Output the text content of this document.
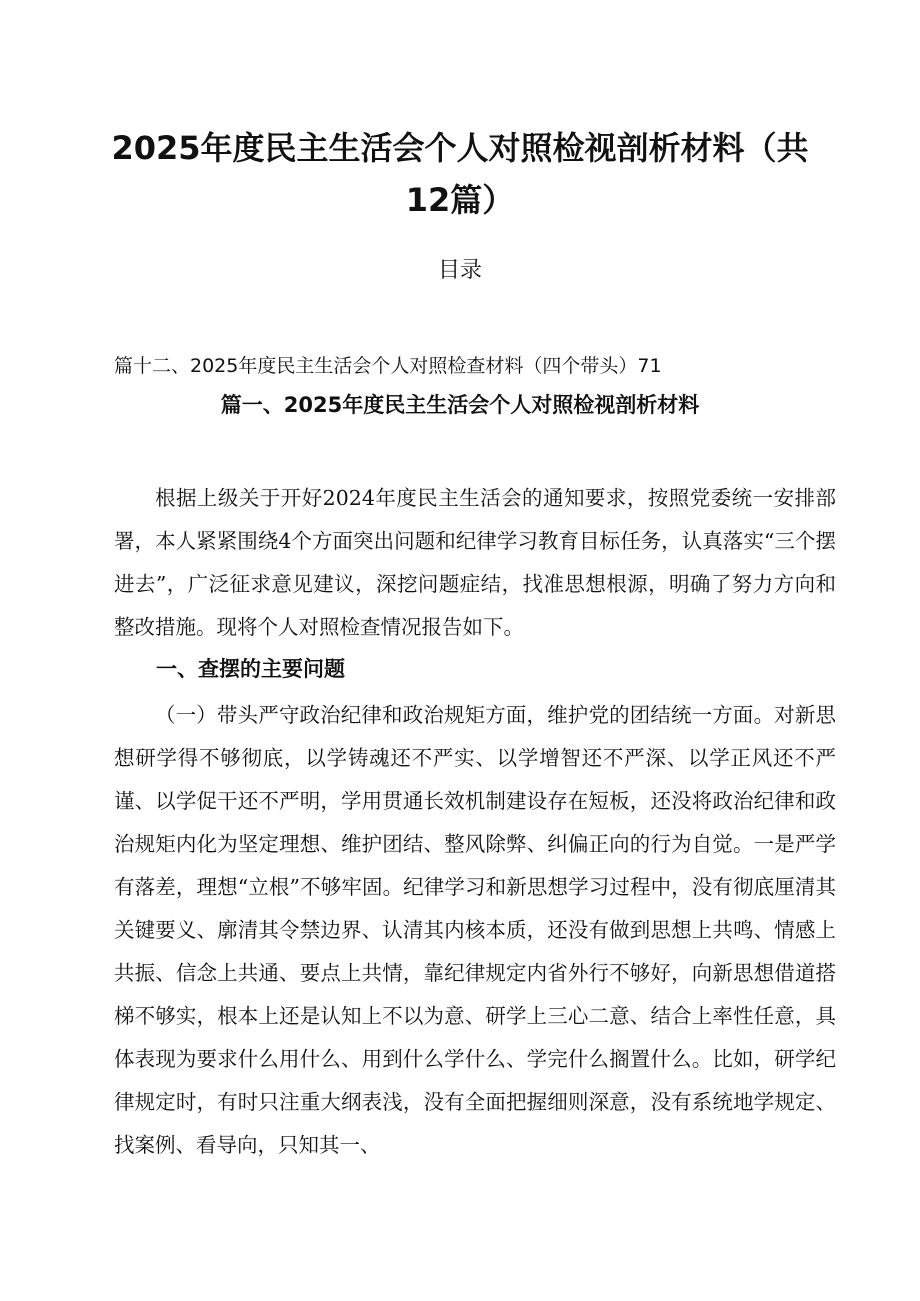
2025年度民主生活会个人对照检视剖析材料（共12篇）
目录
篇十二、2025年度民主生活会个人对照检查材料（四个带头）71
篇一、2025年度民主生活会个人对照检视剖析材料

根据上级关于开好2024年度民主生活会的通知要求，按照党委统一安排部署，本人紧紧围绕4个方面突出问题和纪律学习教育目标任务，认真落实“三个摆进去”，广泛征求意见建议，深挖问题症结，找准思想根源，明确了努力方向和整改措施。现将个人对照检查情况报告如下。

一、查摆的主要问题

（一）带头严守政治纪律和政治规矩方面，维护党的团结统一方面。对新思想研学得不够彻底，以学铸魂还不严实、以学增智还不严深、以学正风还不严谨、以学促干还不严明，学用贯通长效机制建设存在短板，还没将政治纪律和政治规矩内化为坚定理想、维护团结、整风除弊、纠偏正向的行为自觉。一是严学有落差，理想“立根”不够牢固。纪律学习和新思想学习过程中，没有彻底厘清其关键要义、廓清其令禁边界、认清其内核本质，还没有做到思想上共鸣、情感上共振、信念上共通、要点上共情，靠纪律规定内省外行不够好，向新思想借道搭梯不够实，根本上还是认知上不以为意、研学上三心二意、结合上率性任意，具体表现为要求什么用什么、用到什么学什么、学完什么搁置什么。比如，研学纪律规定时，有时只注重大纲表浅，没有全面把握细则深意，没有系统地学规定、找案例、看导向，只知其一、
